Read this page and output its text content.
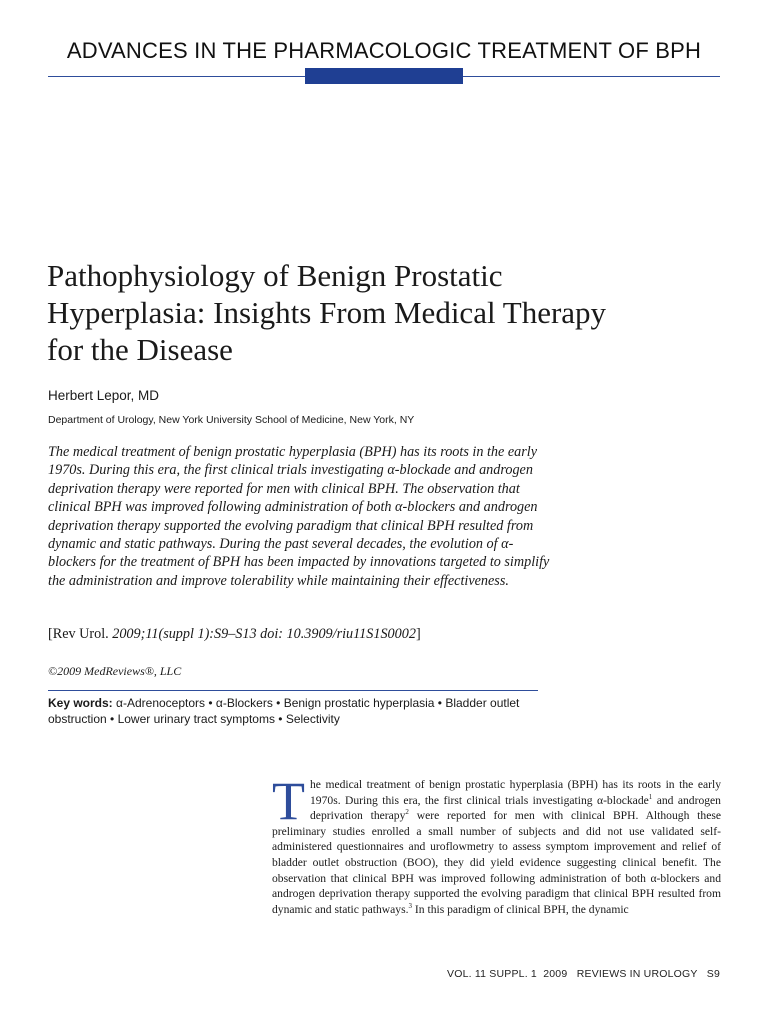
ADVANCES IN THE PHARMACOLOGIC TREATMENT OF BPH
Pathophysiology of Benign Prostatic Hyperplasia: Insights From Medical Therapy for the Disease
Herbert Lepor, MD
Department of Urology, New York University School of Medicine, New York, NY
The medical treatment of benign prostatic hyperplasia (BPH) has its roots in the early 1970s. During this era, the first clinical trials investigating α-blockade and androgen deprivation therapy were reported for men with clinical BPH. The observation that clinical BPH was improved following administration of both α-blockers and androgen deprivation therapy supported the evolving paradigm that clinical BPH resulted from dynamic and static pathways. During the past several decades, the evolution of α-blockers for the treatment of BPH has been impacted by innovations targeted to simplify the administration and improve tolerability while maintaining their effectiveness.
[Rev Urol. 2009;11(suppl 1):S9–S13 doi: 10.3909/riu11S1S0002]
©2009 MedReviews®, LLC
Key words: α-Adrenoceptors • α-Blockers • Benign prostatic hyperplasia • Bladder outlet obstruction • Lower urinary tract symptoms • Selectivity
The medical treatment of benign prostatic hyperplasia (BPH) has its roots in the early 1970s. During this era, the first clinical trials investigating α-blockade$^1$ and androgen deprivation therapy$^2$ were reported for men with clinical BPH. Although these preliminary studies enrolled a small number of subjects and did not use validated self-administered questionnaires and uroflowmetry to assess symptom improvement and relief of bladder outlet obstruction (BOO), they did yield evidence suggesting clinical benefit. The observation that clinical BPH was improved following administration of both α-blockers and androgen deprivation therapy supported the evolving paradigm that clinical BPH resulted from dynamic and static pathways.$^3$ In this paradigm of clinical BPH, the dynamic
VOL. 11 SUPPL. 1  2009   REVIEWS IN UROLOGY   S9
